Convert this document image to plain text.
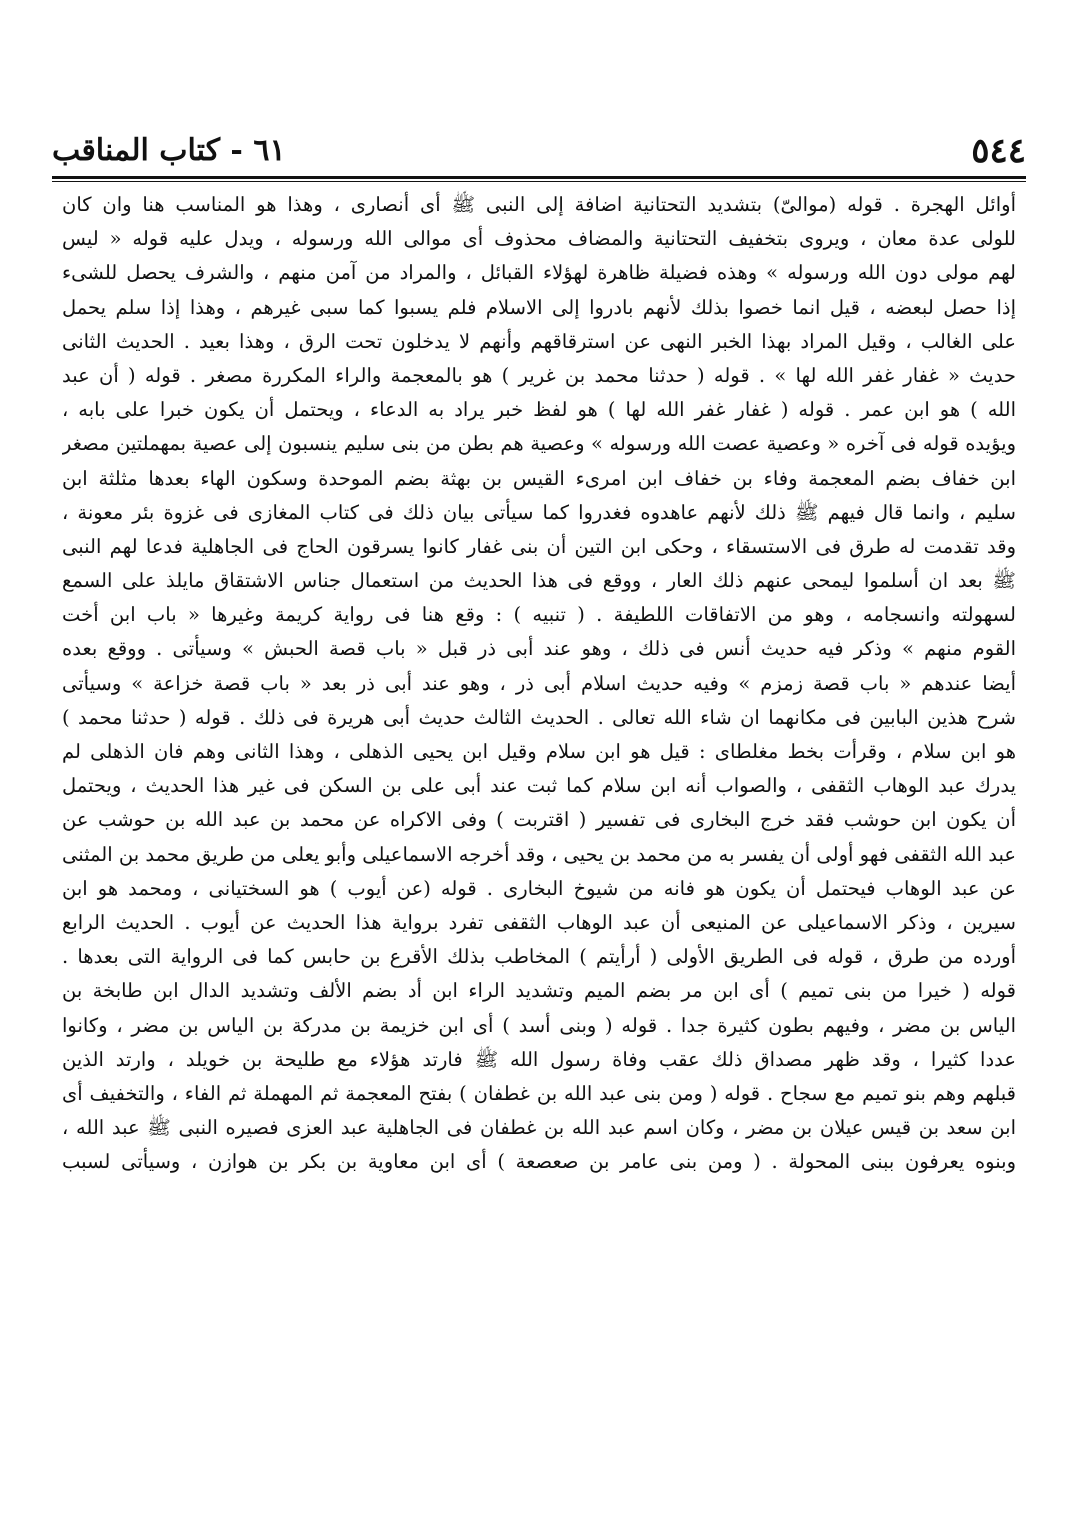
٥٤٤
٦١ - كتاب المناقب
أوائل الهجرة . قوله (موالىّ) بتشديد التحتانية اضافة إلى النبى ﷺ أى أنصارى ، وهذا هو المناسب هنا وان كان
للولى عدة معان ، ويروى بتخفيف التحتانية والمضاف محذوف أى موالى الله ورسوله ، ويدل عليه قوله « ليس
لهم مولى دون الله ورسوله » وهذه فضيلة ظاهرة لهؤلاء القبائل ، والمراد من آمن منهم ، والشرف يحصل للشىء
إذا حصل لبعضه ، قيل انما خصوا بذلك لأنهم بادروا إلى الاسلام فلم يسبوا كما سبى غيرهم ، وهذا إذا سلم يحمل
على الغالب ، وقيل المراد بهذا الخبر النهى عن استرقاقهم وأنهم لا يدخلون تحت الرق ، وهذا بعيد . الحديث الثانى
حديث « غفار غفر الله لها » . قوله ( حدثنا محمد بن غرير ) هو بالمعجمة والراء المكررة مصغر . قوله ( أن عبد
الله ) هو ابن عمر . قوله ( غفار غفر الله لها ) هو لفظ خبر يراد به الدعاء ، ويحتمل أن يكون خبرا على بابه ،
ويؤيده قوله فى آخره « وعصية عصت الله ورسوله » وعصية هم بطن من بنى سليم ينسبون إلى عصية بمهملتين مصغر
ابن خفاف بضم المعجمة وفاء بن خفاف ابن امرىء القيس بن بهثة بضم الموحدة وسكون الهاء بعدها مثلثة ابن
سليم ، وانما قال فيهم ﷺ ذلك لأنهم عاهدوه فغدروا كما سيأتى بيان ذلك فى كتاب المغازى فى غزوة بئر معونة ،
وقد تقدمت له طرق فى الاستسقاء ، وحكى ابن التين أن بنى غفار كانوا يسرقون الحاج فى الجاهلية فدعا لهم النبى
ﷺ بعد ان أسلموا ليمحى عنهم ذلك العار ، ووقع فى هذا الحديث من استعمال جناس الاشتقاق مايلذ على السمع
لسهولته وانسجامه ، وهو من الاتفاقات اللطيفة . ( تنبيه ) : وقع هنا فى رواية كريمة وغيرها « باب ابن أخت
القوم منهم » وذكر فيه حديث أنس فى ذلك ، وهو عند أبى ذر قبل « باب قصة الحبش » وسيأتى . ووقع بعده
أيضا عندهم « باب قصة زمزم » وفيه حديث اسلام أبى ذر ، وهو عند أبى ذر بعد « باب قصة خزاعة » وسيأتى
شرح هذين البابين فى مكانهما ان شاء الله تعالى . الحديث الثالث حديث أبى هريرة فى ذلك . قوله ( حدثنا محمد )
هو ابن سلام ، وقرأت بخط مغلطاى : قيل هو ابن سلام وقيل ابن يحيى الذهلى ، وهذا الثانى وهم فان الذهلى لم
يدرك عبد الوهاب الثقفى ، والصواب أنه ابن سلام كما ثبت عند أبى على بن السكن فى غير هذا الحديث ، ويحتمل
أن يكون ابن حوشب فقد خرج البخارى فى تفسير ( اقتربت ) وفى الاكراه عن محمد بن عبد الله بن حوشب عن
عبد الله الثقفى فهو أولى أن يفسر به من محمد بن يحيى ، وقد أخرجه الاسماعيلى وأبو يعلى من طريق محمد بن المثنى
عن عبد الوهاب فيحتمل أن يكون هو فانه من شيوخ البخارى . قوله (عن أيوب ) هو السختيانى ، ومحمد هو ابن
سيرين ، وذكر الاسماعيلى عن المنيعى أن عبد الوهاب الثقفى تفرد برواية هذا الحديث عن أيوب . الحديث الرابع
أورده من طرق ، قوله فى الطريق الأولى ( أرأيتم ) المخاطب بذلك الأقرع بن حابس كما فى الرواية التى بعدها .
قوله ( خيرا من بنى تميم ) أى ابن مر بضم الميم وتشديد الراء ابن أد بضم الألف وتشديد الدال ابن طابخة بن
الياس بن مضر ، وفيهم بطون كثيرة جدا . قوله ( وبنى أسد ) أى ابن خزيمة بن مدركة بن الياس بن مضر ، وكانوا
عددا كثيرا ، وقد ظهر مصداق ذلك عقب وفاة رسول الله ﷺ فارتد هؤلاء مع طليحة بن خويلد ، وارتد الذين
قبلهم وهم بنو تميم مع سجاح . قوله ( ومن بنى عبد الله بن غطفان ) بفتح المعجمة ثم المهملة ثم الفاء ، والتخفيف أى
ابن سعد بن قيس عيلان بن مضر ، وكان اسم عبد الله بن غطفان فى الجاهلية عبد العزى فصيره النبى ﷺ عبد الله ،
وبنوه يعرفون ببنى المحولة . ( ومن بنى عامر بن صعصعة ) أى ابن معاوية بن بكر بن هوازن ، وسيأتى لسبب
